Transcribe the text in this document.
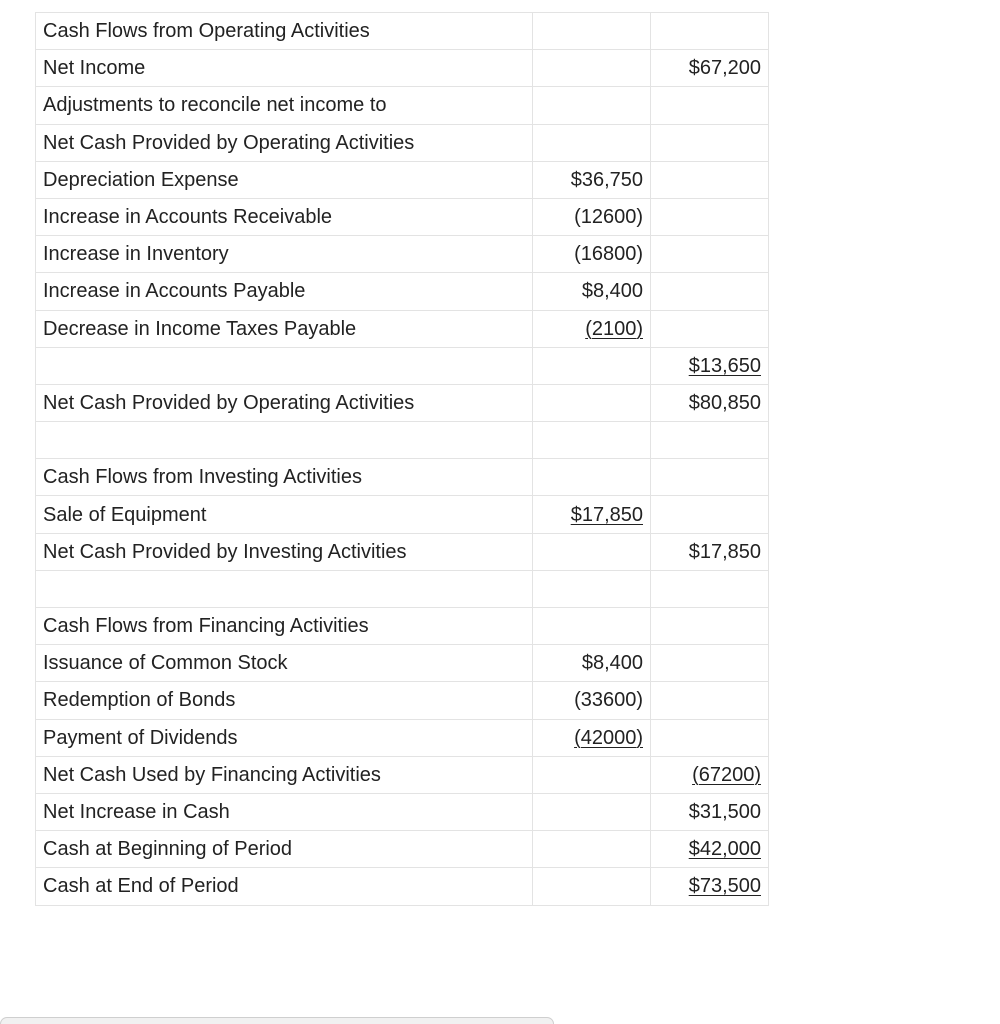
Cash Flows from Operating Activities		
Net Income		$67,200
Adjustments to reconcile net income to		
Net Cash Provided by Operating Activities		
Depreciation Expense	$36,750	
Increase in Accounts Receivable	(12600)	
Increase in Inventory	(16800)	
Increase in Accounts Payable	$8,400	
Decrease in Income Taxes Payable	(2100)	
		$13,650
Net Cash Provided by Operating Activities		$80,850

Cash Flows from Investing Activities		
Sale of Equipment	$17,850	
Net Cash Provided by Investing Activities		$17,850

Cash Flows from Financing Activities		
Issuance of Common Stock	$8,400	
Redemption of Bonds	(33600)	
Payment of Dividends	(42000)	
Net Cash Used by Financing Activities		(67200)
Net Increase in Cash		$31,500
Cash at Beginning of Period		$42,000
Cash at End of Period		$73,500
